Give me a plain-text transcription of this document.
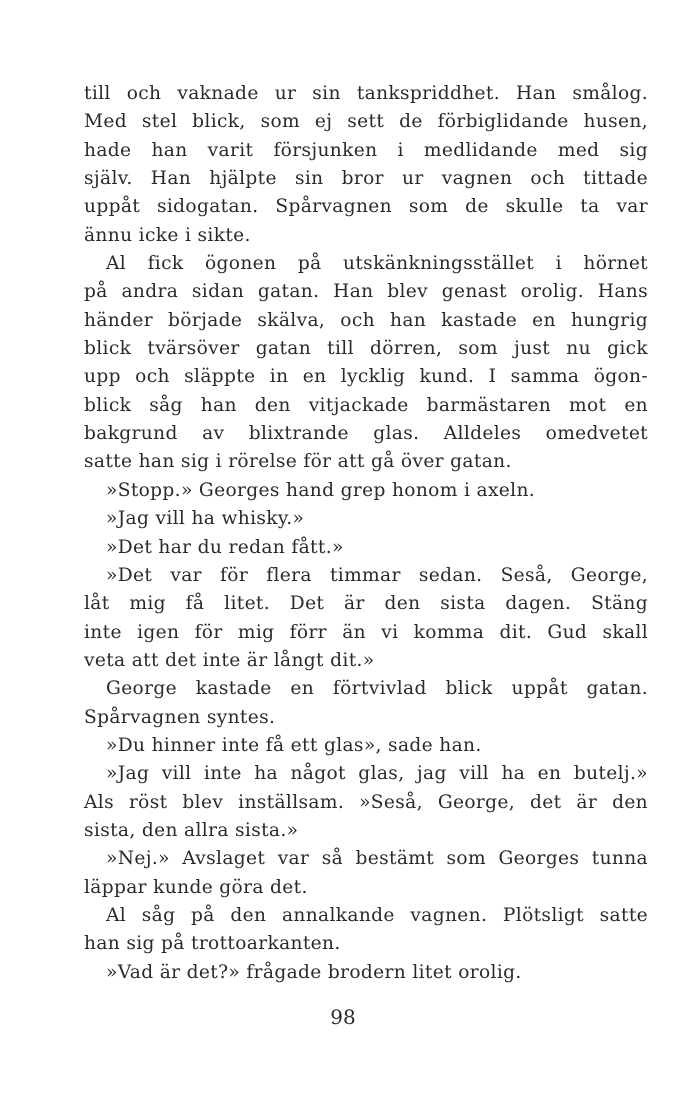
till och vaknade ur sin tankspriddhet. Han smålog.
Med stel blick, som ej sett de förbiglidande husen,
hade han varit försjunken i medlidande med sig
själv. Han hjälpte sin bror ur vagnen och tittade
uppåt sidogatan. Spårvagnen som de skulle ta var
ännu icke i sikte.
Al fick ögonen på utskänkningsstället i hörnet
på andra sidan gatan. Han blev genast orolig. Hans
händer började skälva, och han kastade en hungrig
blick tvärsöver gatan till dörren, som just nu gick
upp och släppte in en lycklig kund. I samma ögon-
blick såg han den vitjackade barmästaren mot en
bakgrund av blixtrande glas. Alldeles omedvetet
satte han sig i rörelse för att gå över gatan.
»Stopp.» Georges hand grep honom i axeln.
»Jag vill ha whisky.»
»Det har du redan fått.»
»Det var för flera timmar sedan. Seså, George,
låt mig få litet. Det är den sista dagen. Stäng
inte igen för mig förr än vi komma dit. Gud skall
veta att det inte är långt dit.»
George kastade en förtvivlad blick uppåt gatan.
Spårvagnen syntes.
»Du hinner inte få ett glas», sade han.
»Jag vill inte ha något glas, jag vill ha en butelj.»
Als röst blev inställsam. »Seså, George, det är den
sista, den allra sista.»
»Nej.» Avslaget var så bestämt som Georges tunna
läppar kunde göra det.
Al såg på den annalkande vagnen. Plötsligt satte
han sig på trottoarkanten.
»Vad är det?» frågade brodern litet orolig.
98
